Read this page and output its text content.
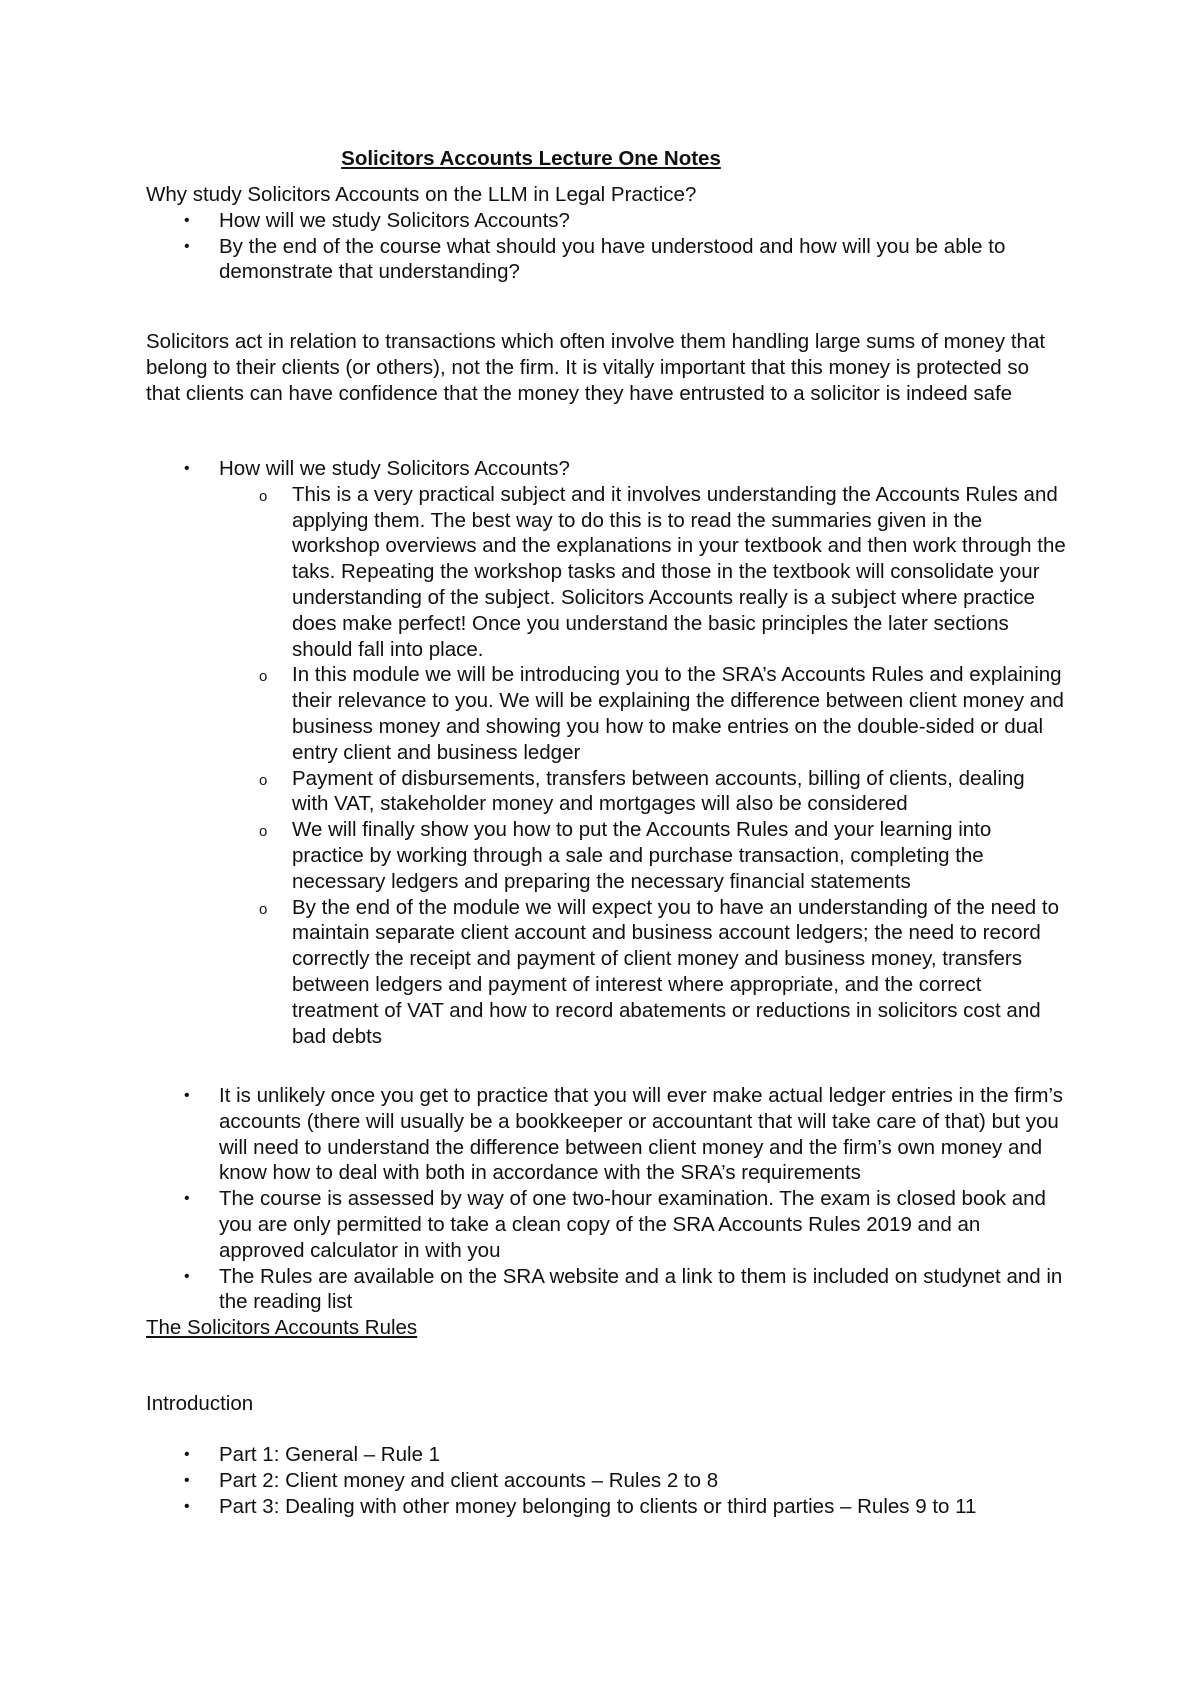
Solicitors Accounts Lecture One Notes

Why study Solicitors Accounts on the LLM in Legal Practice?

• How will we study Solicitors Accounts?
• By the end of the course what should you have understood and how will you be able to demonstrate that understanding?

Solicitors act in relation to transactions which often involve them handling large sums of money that belong to their clients (or others), not the firm. It is vitally important that this money is protected so that clients can have confidence that the money they have entrusted to a solicitor is indeed safe

• How will we study Solicitors Accounts?
o This is a very practical subject and it involves understanding the Accounts Rules and applying them. The best way to do this is to read the summaries given in the workshop overviews and the explanations in your textbook and then work through the taks. Repeating the workshop tasks and those in the textbook will consolidate your understanding of the subject. Solicitors Accounts really is a subject where practice does make perfect! Once you understand the basic principles the later sections should fall into place.
o In this module we will be introducing you to the SRA’s Accounts Rules and explaining their relevance to you. We will be explaining the difference between client money and business money and showing you how to make entries on the double-sided or dual entry client and business ledger
o Payment of disbursements, transfers between accounts, billing of clients, dealing with VAT, stakeholder money and mortgages will also be considered
o We will finally show you how to put the Accounts Rules and your learning into practice by working through a sale and purchase transaction, completing the necessary ledgers and preparing the necessary financial statements
o By the end of the module we will expect you to have an understanding of the need to maintain separate client account and business account ledgers; the need to record correctly the receipt and payment of client money and business money, transfers between ledgers and payment of interest where appropriate, and the correct treatment of VAT and how to record abatements or reductions in solicitors cost and bad debts
• It is unlikely once you get to practice that you will ever make actual ledger entries in the firm’s accounts (there will usually be a bookkeeper or accountant that will take care of that) but you will need to understand the difference between client money and the firm’s own money and know how to deal with both in accordance with the SRA’s requirements
• The course is assessed by way of one two-hour examination. The exam is closed book and you are only permitted to take a clean copy of the SRA Accounts Rules 2019 and an approved calculator in with you
• The Rules are available on the SRA website and a link to them is included on studynet and in the reading list

The Solicitors Accounts Rules

Introduction

• Part 1: General – Rule 1
• Part 2: Client money and client accounts – Rules 2 to 8
• Part 3: Dealing with other money belonging to clients or third parties – Rules 9 to 11
